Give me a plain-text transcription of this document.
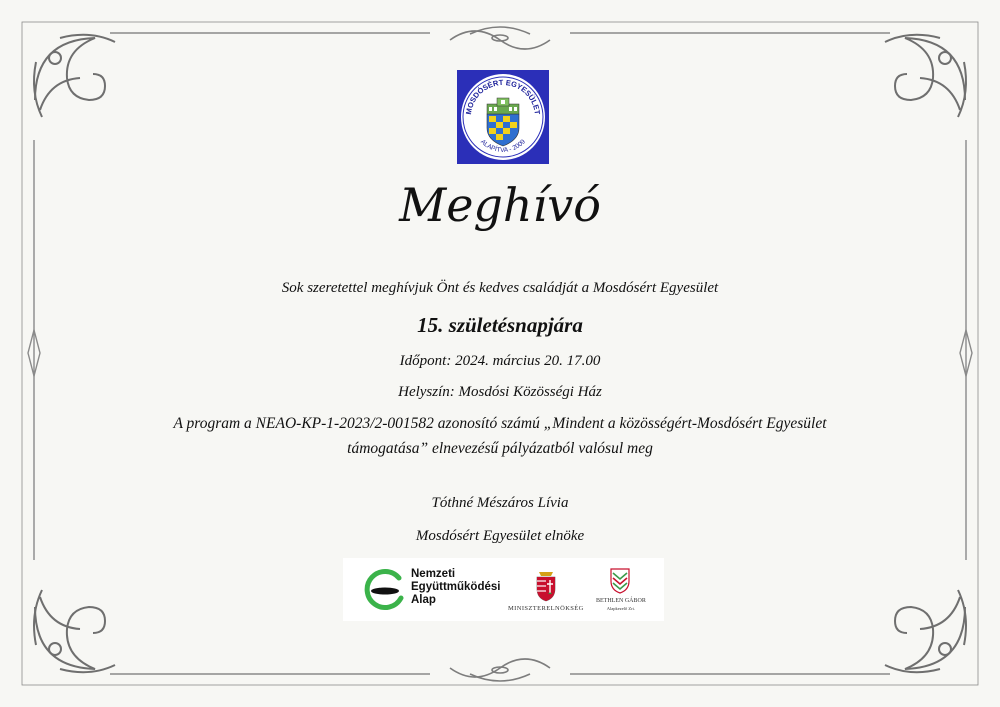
MOSDÓSÉRT EGYESÜLET
ALAPÍTVA - 2009
Meghívó
Sok szeretettel meghívjuk Önt és kedves családját a Mosdósért Egyesület
15. születésnapjára
Időpont: 2024. március 20. 17.00
Helyszín: Mosdósi Közösségi Ház
A program a NEAO-KP-1-2023/2-001582 azonosító számú „Mindent a közösségért-Mosdósért Egyesület
támogatása” elnevezésű pályázatból valósul meg
Tóthné Mészáros Lívia
Mosdósért Egyesület elnöke
Nemzeti
Együttműködési
Alap
MINISZTERELNÖKSÉG
BETHLEN GÁBOR
Alapkezelő Zrt.
